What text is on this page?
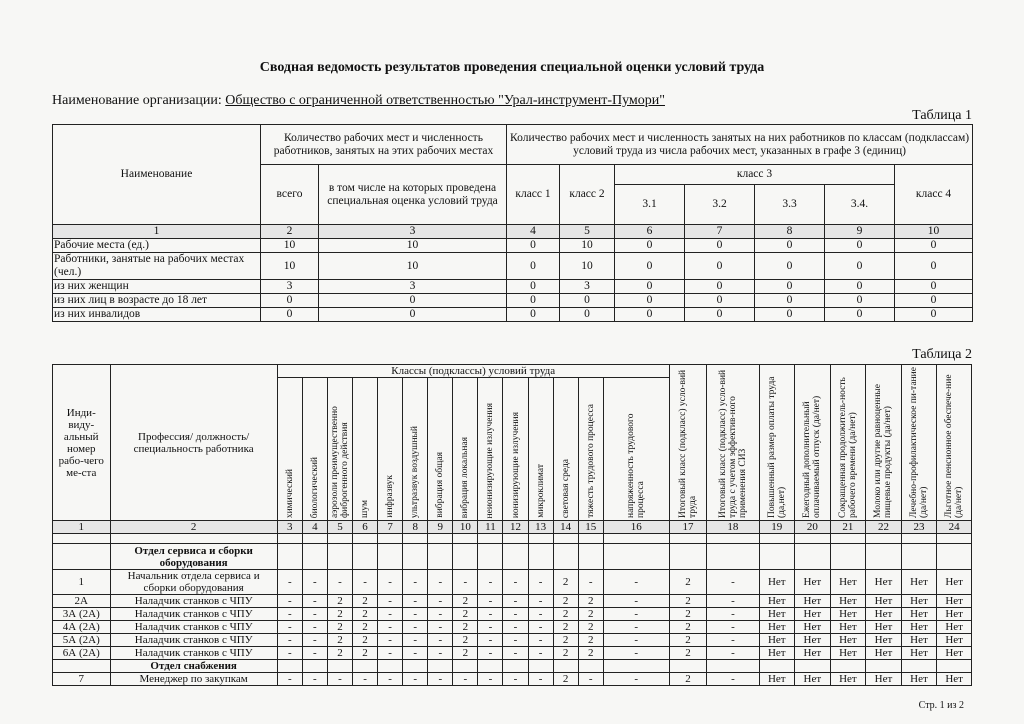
Сводная ведомость результатов проведения специальной оценки условий труда
Наименование организации: Общество с ограниченной ответственностью "Урал-инструмент-Пумори"
Таблица 1
Наименование	Количество рабочих мест и численность работников, занятых на этих рабочих местах		Количество рабочих мест и численность занятых на них работников по классам (подклассам) условий труда из числа рабочих мест, указанных в графе 3 (единиц)						
	всего	в том числе на которых проведена специальная оценка условий труда	класс 1	класс 2	класс 3				класс 4
					3.1	3.2	3.3	3.4.	
1	2	3	4	5	6	7	8	9	10
Рабочие места (ед.)	10	10	0	10	0	0	0	0	0
Работники, занятые на рабочих местах (чел.)	10	10	0	10	0	0	0	0	0
из них женщин	3	3	0	3	0	0	0	0	0
из них лиц в возрасте до 18 лет	0	0	0	0	0	0	0	0	0
из них инвалидов	0	0	0	0	0	0	0	0	0
Таблица 2
Инди-виду-альный номер рабо-чего ме-ста	Профессия/ должность/ специальность работника	Классы (подклассы) условий труда														Итоговый класс (подкласс) усло-вий труда	Итоговый класс (подкласс) усло-вий труда с учетом эффектив-ного применения СИЗ	Повышенный размер оплаты труда (да,нет)	Ежегодный дополнительный оплачиваемый отпуск (да/нет)	Сокращенная продолжитель-ность рабочего времени (да/нет)	Молоко или другие равноценные пищевые продукты (да/нет)	Лечебно-профилактическое пи-тание (да/нет)	Льготное пенсионное обеспече-ние (да/нет)

		химический	биологический	аэрозоли преимущественно фиброгенного действия	шум	инфразвук	ультразвук воздушный	вибрация общая	вибрация локальная	неионизирующие излучения	ионизирующие излучения	микроклимат	световая среда	тяжесть трудового процесса	напряженность трудового процесса								

1	2	3	4	5	6	7	8	9	10	11	12	13	14	15	16	17	18	19	20	21	22	23	24

	Отдел сервиса и сборки оборудования																						
1	Начальник отдела сервиса и сборки оборудования	-	-	-	-	-	-	-	-	-	-	-	2	-	-	2	-	Нет	Нет	Нет	Нет	Нет	Нет
2А	Наладчик станков с ЧПУ	-	-	2	2	-	-	-	2	-	-	-	2	2	-	2	-	Нет	Нет	Нет	Нет	Нет	Нет
3А (2А)	Наладчик станков с ЧПУ	-	-	2	2	-	-	-	2	-	-	-	2	2	-	2	-	Нет	Нет	Нет	Нет	Нет	Нет
4А (2А)	Наладчик станков с ЧПУ	-	-	2	2	-	-	-	2	-	-	-	2	2	-	2	-	Нет	Нет	Нет	Нет	Нет	Нет
5А (2А)	Наладчик станков с ЧПУ	-	-	2	2	-	-	-	2	-	-	-	2	2	-	2	-	Нет	Нет	Нет	Нет	Нет	Нет
6А (2А)	Наладчик станков с ЧПУ	-	-	2	2	-	-	-	2	-	-	-	2	2	-	2	-	Нет	Нет	Нет	Нет	Нет	Нет
	Отдел снабжения																						
7	Менеджер по закупкам	-	-	-	-	-	-	-	-	-	-	-	2	-	-	2	-	Нет	Нет	Нет	Нет	Нет	Нет
Стр. 1 из 2
